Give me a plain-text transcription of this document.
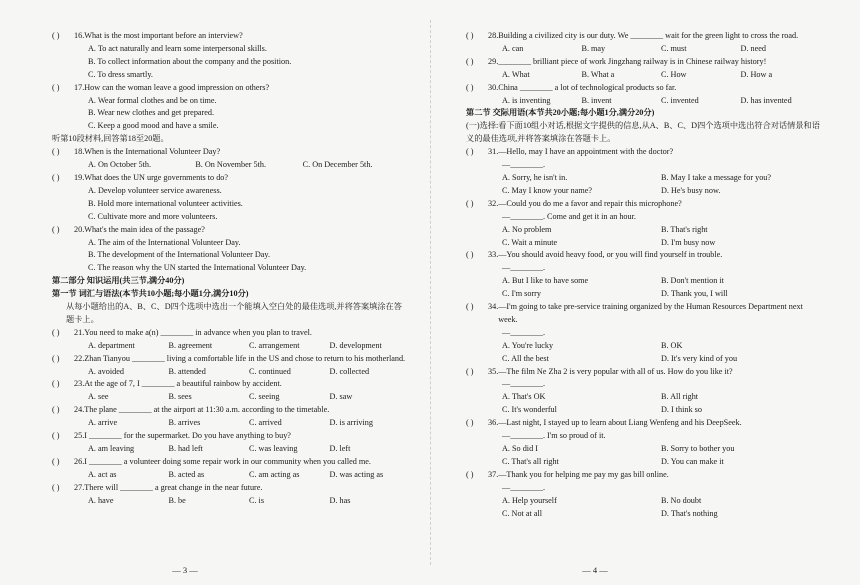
( )	16 . What is the most important before an interview?
A. To act naturally and learn some interpersonal skills.
B. To collect information about the company and the position.
C. To dress smartly.
( )	17 . How can the woman leave a good impression on others?
A. Wear formal clothes and be on time.
B. Wear new clothes and get prepared.
C. Keep a good mood and have a smile.
听第10段材料,回答第18至20题。
( )	18 . When is the International Volunteer Day?
A. On October 5th.	B. On November 5th.	C. On December 5th.
( )	19 . What does the UN urge governments to do?
A. Develop volunteer service awareness.
B. Hold more international volunteer activities.
C. Cultivate more and more volunteers.
( )	20 . What's the main idea of the passage?
A. The aim of the International Volunteer Day.
B. The development of the International Volunteer Day.
C. The reason why the UN started the International Volunteer Day.
第二部分 知识运用(共三节,满分40分)
第一节 词汇与语法(本节共10小题;每小题1分,满分10分)
从每小题给出的A、B、C、D四个选项中选出一个能填入空白处的最佳选项,并将答案填涂在答题卡上。
( )	21 . You need to make a(n) ________ in advance when you plan to travel.
A. department	B. agreement	C. arrangement	D. development
( )	22 . Zhan Tianyou ________ living a comfortable life in the US and chose to return to his motherland.
A. avoided	B. attended	C. continued	D. collected
( )	23 . At the age of 7, I ________ a beautiful rainbow by accident.
A. see	B. sees	C. seeing	D. saw
( )	24 . The plane ________ at the airport at 11:30 a.m. according to the timetable.
A. arrive	B. arrives	C. arrived	D. is arriving
( )	25 . I ________ for the supermarket. Do you have anything to buy?
A. am leaving	B. had left	C. was leaving	D. left
( )	26 . I ________ a volunteer doing some repair work in our community when you called me.
A. act as	B. acted as	C. am acting as	D. was acting as
( )	27 . There will ________ a great change in the near future.
A. have	B. be	C. is	D. has
— 3 —
( )	28 . Building a civilized city is our duty. We ________ wait for the green light to cross the road.
A. can	B. may	C. must	D. need
( )	29 . ________ brilliant piece of work Jingzhang railway is in Chinese railway history!
A. What	B. What a	C. How	D. How a
( )	30 . China ________ a lot of technological products so far.
A. is inventing	B. invent	C. invented	D. has invented
第二节 交际用语(本节共20小题;每小题1分,满分20分)
(一)选择:看下面10组小对话,根据文字提供的信息,从A、B、C、D四个选项中选出符合对话情景和语义的最佳选项,并将答案填涂在答题卡上。
( )	31 . —Hello, may I have an appointment with the doctor?
—________.
A. Sorry, he isn't in.	B. May I take a message for you?
C. May I know your name?	D. He's busy now.
( )	32 . —Could you do me a favor and repair this microphone?
—________. Come and get it in an hour.
A. No problem	B. That's right
C. Wait a minute	D. I'm busy now
( )	33 . —You should avoid heavy food, or you will find yourself in trouble.
—________.
A. But I like to have some	B. Don't mention it
C. I'm sorry	D. Thank you, I will
( )	34 . —I'm going to take pre-service training organized by the Human Resources Department next week.
—________.
A. You're lucky	B. OK
C. All the best	D. It's very kind of you
( )	35 . —The film Ne Zha 2 is very popular with all of us. How do you like it?
—________.
A. That's OK	B. All right
C. It's wonderful	D. I think so
( )	36 . —Last night, I stayed up to learn about Liang Wenfeng and his DeepSeek.
—________. I'm so proud of it.
A. So did I	B. Sorry to bother you
C. That's all right	D. You can make it
( )	37 . —Thank you for helping me pay my gas bill online.
—________.
A. Help yourself	B. No doubt
C. Not at all	D. That's nothing
— 4 —
